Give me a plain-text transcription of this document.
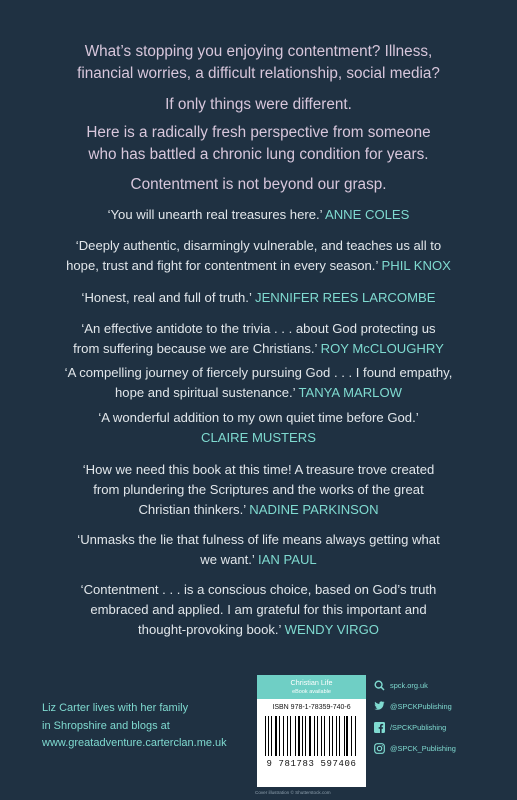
What’s stopping you enjoying contentment? Illness,

financial worries, a difficult relationship, social media?

If only things were different.

Here is a radically fresh perspective from someone

who has battled a chronic lung condition for years.

Contentment is not beyond our grasp.

‘You will unearth real treasures here.’ ANNE COLES

‘Deeply authentic, disarmingly vulnerable, and teaches us all to
hope, trust and fight for contentment in every season.’ PHIL KNOX

‘Honest, real and full of truth.’ JENNIFER REES LARCOMBE

‘An effective antidote to the trivia . . . about God protecting us
from suffering because we are Christians.’ ROY McCLOUGHRY

‘A compelling journey of fiercely pursuing God . . . I found empathy,
hope and spiritual sustenance.’ TANYA MARLOW

‘A wonderful addition to my own quiet time before God.’
CLAIRE MUSTERS

‘How we need this book at this time! A treasure trove created
from plundering the Scriptures and the works of the great
Christian thinkers.’ NADINE PARKINSON

‘Unmasks the lie that fulness of life means always getting what
we want.’ IAN PAUL

‘Contentment . . . is a conscious choice, based on God’s truth
embraced and applied. I am grateful for this important and
thought-provoking book.’ WENDY VIRGO

Liz Carter lives with her family
in Shropshire and blogs at
www.greatadventure.carterclan.me.uk
Christian Life
eBook available
ISBN 978-1-78359-740-6
9 781783 597406
Cover illustration © Shutterstock.com
spck.org.uk
@SPCKPublishing
/SPCKPublishing
@SPCK_Publishing
